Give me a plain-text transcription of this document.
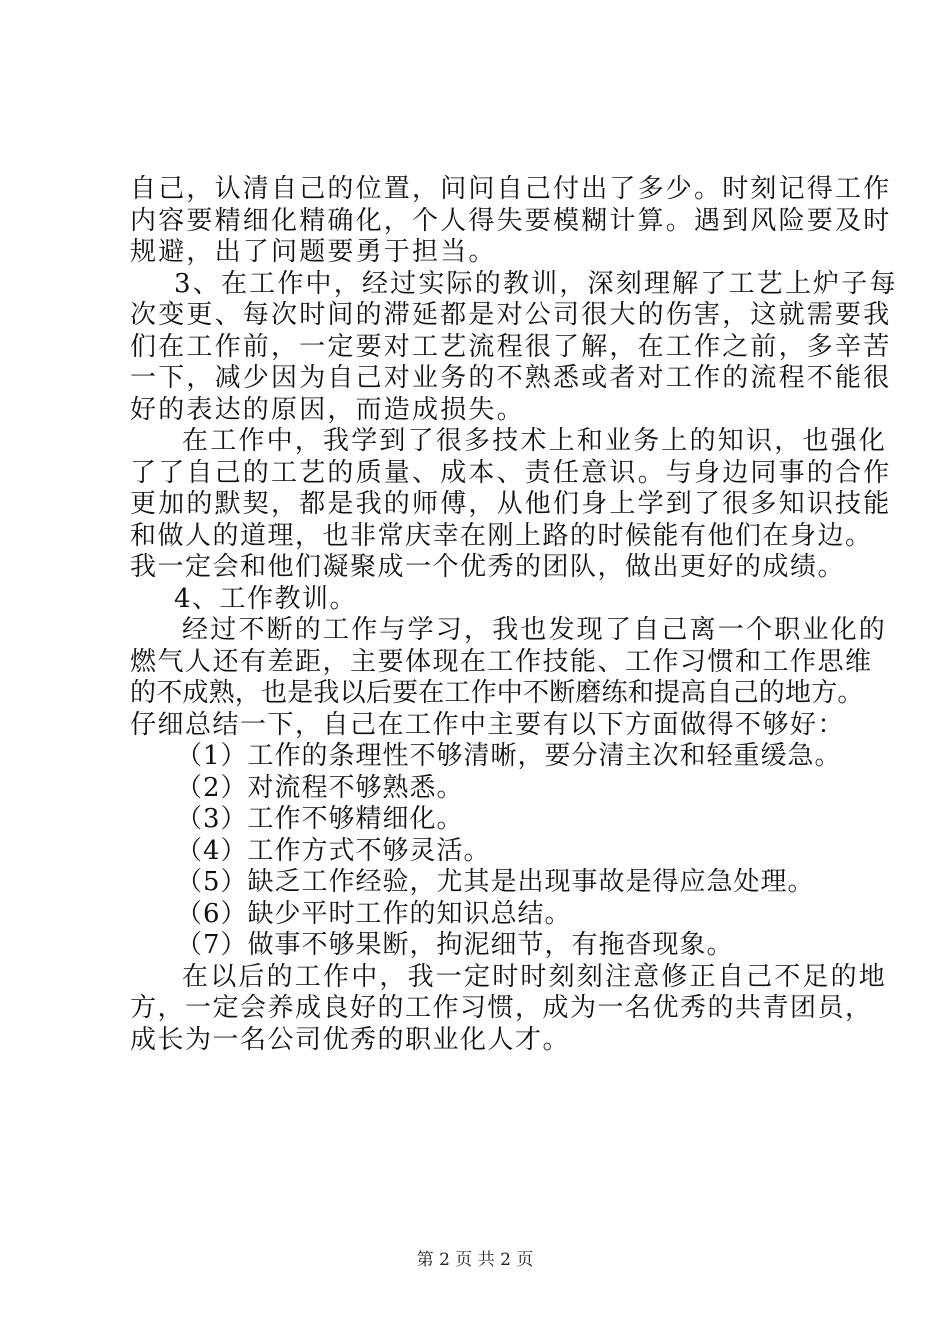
自己，认清自己的位置，问问自己付出了多少。时刻记得工作
内容要精细化精确化，个人得失要模糊计算。遇到风险要及时
规避，出了问题要勇于担当。
3、在工作中，经过实际的教训，深刻理解了工艺上炉子每
次变更、每次时间的滞延都是对公司很大的伤害，这就需要我
们在工作前，一定要对工艺流程很了解，在工作之前，多辛苦
一下，减少因为自己对业务的不熟悉或者对工作的流程不能很
好的表达的原因，而造成损失。
在工作中，我学到了很多技术上和业务上的知识，也强化
了了自己的工艺的质量、成本、责任意识。与身边同事的合作
更加的默契，都是我的师傅，从他们身上学到了很多知识技能
和做人的道理，也非常庆幸在刚上路的时候能有他们在身边。
我一定会和他们凝聚成一个优秀的团队，做出更好的成绩。
4、工作教训。
经过不断的工作与学习，我也发现了自己离一个职业化的
燃气人还有差距，主要体现在工作技能、工作习惯和工作思维
的不成熟，也是我以后要在工作中不断磨练和提高自己的地方。
仔细总结一下，自己在工作中主要有以下方面做得不够好：
（1）工作的条理性不够清晰，要分清主次和轻重缓急。
（2）对流程不够熟悉。
（3）工作不够精细化。
（4）工作方式不够灵活。
（5）缺乏工作经验，尤其是出现事故是得应急处理。
（6）缺少平时工作的知识总结。
（7）做事不够果断，拘泥细节，有拖沓现象。
在以后的工作中，我一定时时刻刻注意修正自己不足的地
方，一定会养成良好的工作习惯，成为一名优秀的共青团员，
成长为一名公司优秀的职业化人才。
第 2 页 共 2 页
